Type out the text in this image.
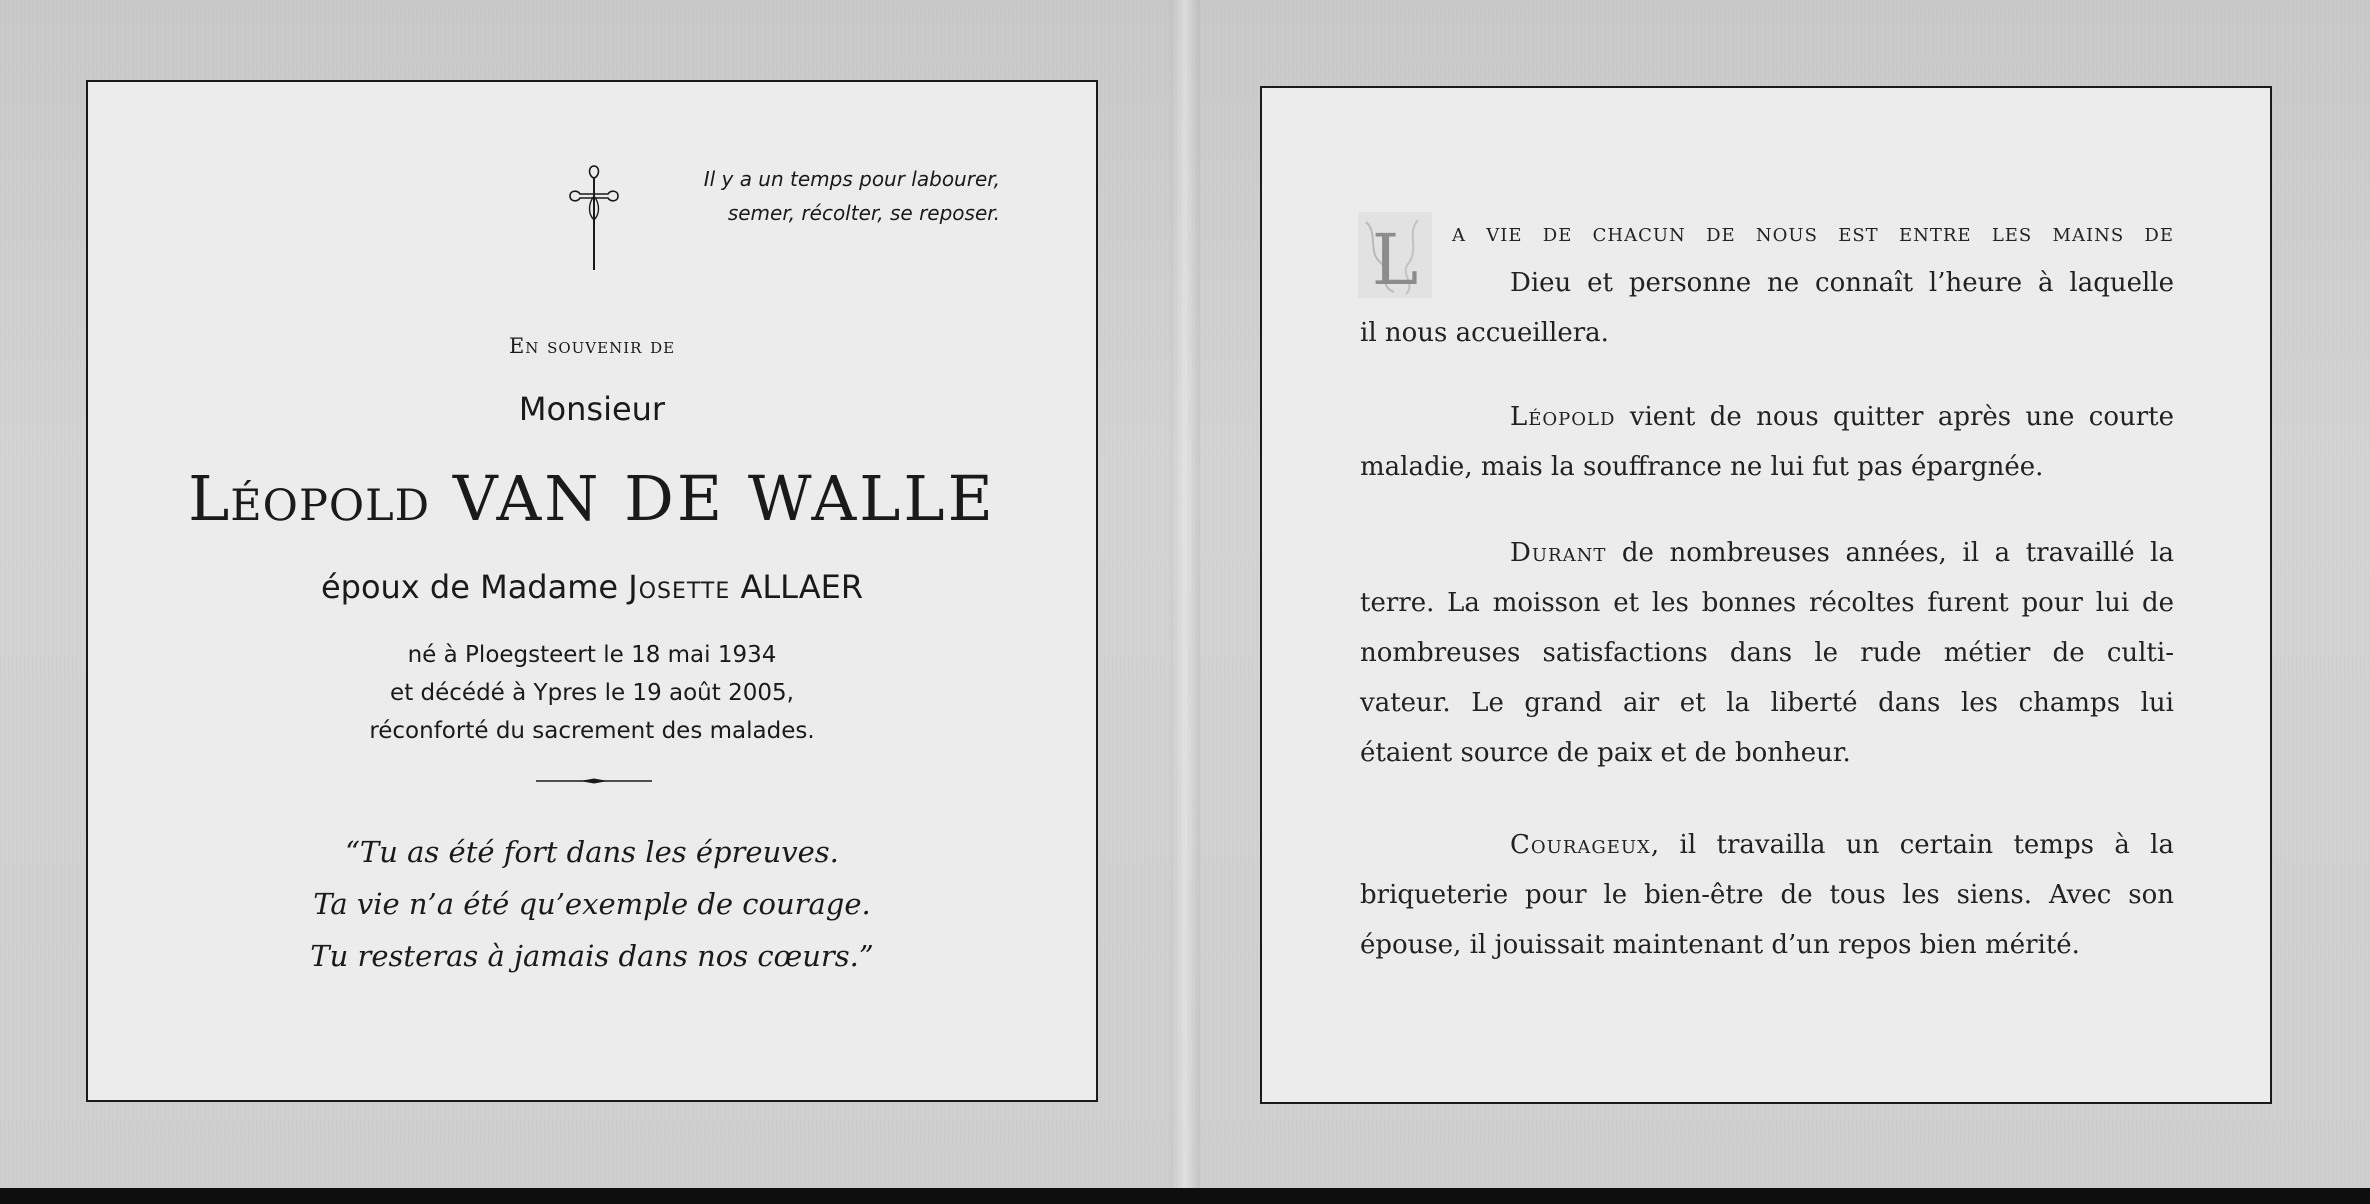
Il y a un temps pour labourer,
semer, récolter, se reposer.
En souvenir de
Monsieur
Léopold VAN DE WALLE
époux de Madame Josette ALLAER
né à Ploegsteert le 18 mai 1934
et décédé à Ypres le 19 août 2005,
réconforté du sacrement des malades.
“Tu as été fort dans les épreuves.
Ta vie n’a été qu’exemple de courage.
Tu resteras à jamais dans nos cœurs.”
L	a vie de chacun de nous est entre les mains de
Dieu et personne ne connaît l’heure à laquelle
il nous accueillera.
Léopold vient de nous quitter après une courte
maladie, mais la souffrance ne lui fut pas épargnée.
Durant de nombreuses années, il a travaillé la
terre. La moisson et les bonnes récoltes furent pour lui de
nombreuses satisfactions dans le rude métier de culti-
vateur. Le grand air et la liberté dans les champs lui
étaient source de paix et de bonheur.
Courageux, il travailla un certain temps à la
briqueterie pour le bien-être de tous les siens. Avec son
épouse, il jouissait maintenant d’un repos bien mérité.
